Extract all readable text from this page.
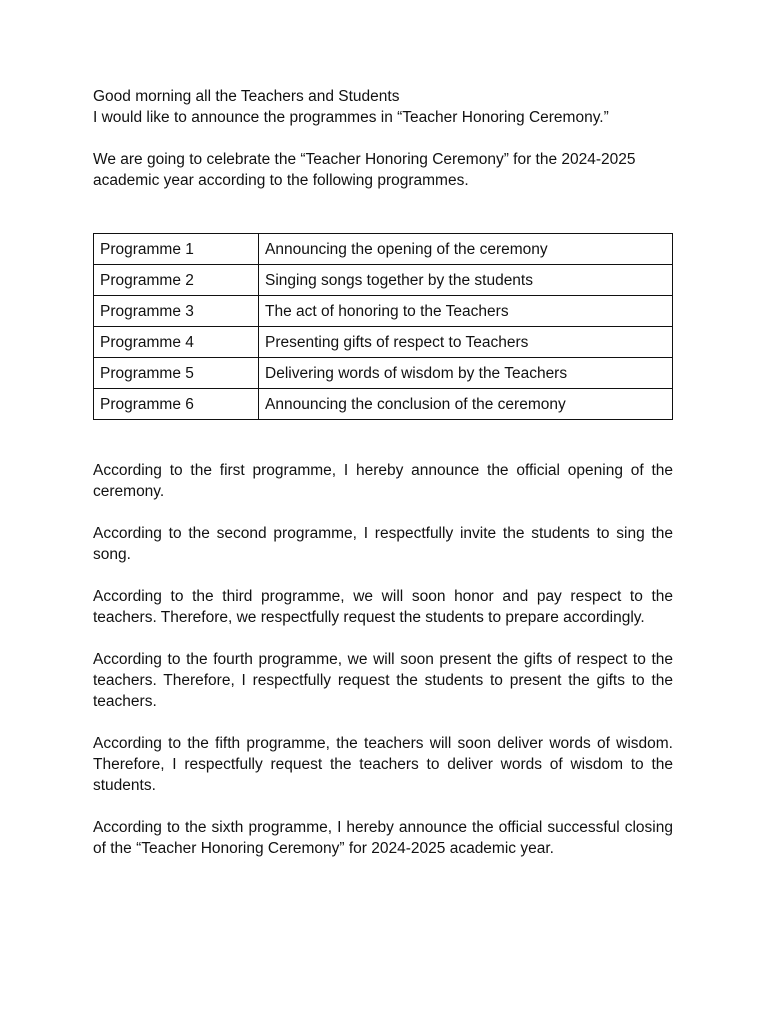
Good morning all the Teachers and Students

I would like to announce the programmes in “Teacher Honoring Ceremony.”

We are going to celebrate the “Teacher Honoring Ceremony” for the 2024-2025 academic year according to the following programmes.

Programme 1	Announcing the opening of the ceremony
Programme 2	Singing songs together by the students
Programme 3	The act of honoring to the Teachers
Programme 4	Presenting gifts of respect to Teachers
Programme 5	Delivering words of wisdom by the Teachers
Programme 6	Announcing the conclusion of the ceremony

According to the first programme, I hereby announce the official opening of the ceremony.

According to the second programme, I respectfully invite the students to sing the song.

According to the third programme, we will soon honor and pay respect to the teachers. Therefore, we respectfully request the students to prepare accordingly.

According to the fourth programme, we will soon present the gifts of respect to the teachers. Therefore, I respectfully request the students to present the gifts to the teachers.

According to the fifth programme, the teachers will soon deliver words of wisdom. Therefore, I respectfully request the teachers to deliver words of wisdom to the students.

According to the sixth programme, I hereby announce the official successful closing of the “Teacher Honoring Ceremony” for 2024-2025 academic year.
